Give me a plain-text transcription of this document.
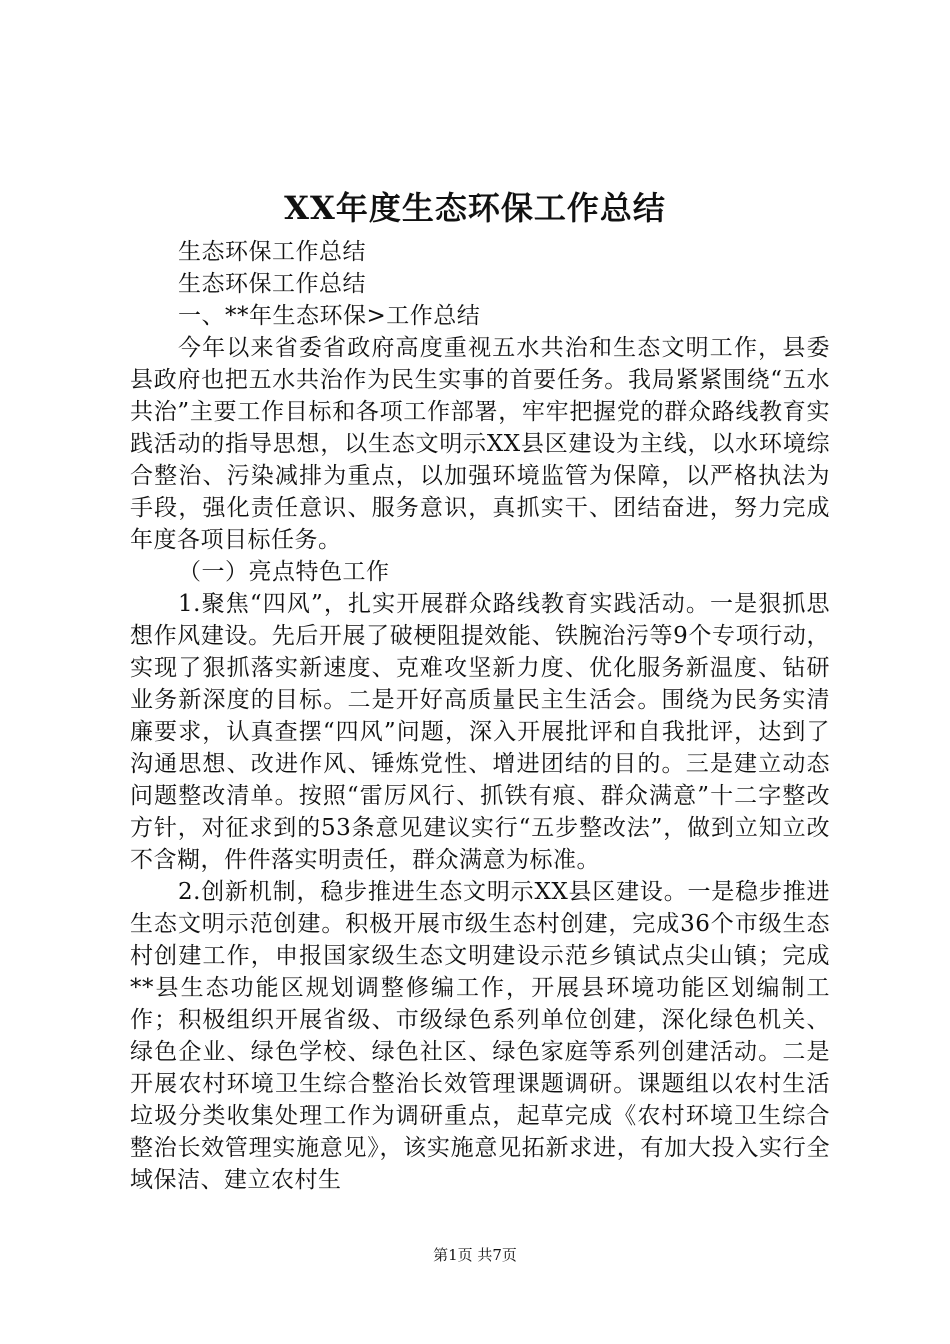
XX年度生态环保工作总结

生态环保工作总结

生态环保工作总结

一、**年生态环保>工作总结

今年以来省委省政府高度重视五水共治和生态文明工作，县委县政府也把五水共治作为民生实事的首要任务。我局紧紧围绕“五水共治”主要工作目标和各项工作部署，牢牢把握党的群众路线教育实践活动的指导思想，以生态文明示XX县区建设为主线，以水环境综合整治、污染减排为重点，以加强环境监管为保障，以严格执法为手段，强化责任意识、服务意识，真抓实干、团结奋进，努力完成年度各项目标任务。

（一）亮点特色工作

1.聚焦“四风”，扎实开展群众路线教育实践活动。一是狠抓思想作风建设。先后开展了破梗阻提效能、铁腕治污等9个专项行动，实现了狠抓落实新速度、克难攻坚新力度、优化服务新温度、钻研业务新深度的目标。二是开好高质量民主生活会。围绕为民务实清廉要求，认真查摆“四风”问题，深入开展批评和自我批评，达到了沟通思想、改进作风、锤炼党性、增进团结的目的。三是建立动态问题整改清单。按照“雷厉风行、抓铁有痕、群众满意”十二字整改方针，对征求到的53条意见建议实行“五步整改法”，做到立知立改不含糊，件件落实明责任，群众满意为标准。

2.创新机制，稳步推进生态文明示XX县区建设。一是稳步推进生态文明示范创建。积极开展市级生态村创建，完成36个市级生态村创建工作，申报国家级生态文明建设示范乡镇试点尖山镇；完成**县生态功能区规划调整修编工作，开展县环境功能区划编制工作；积极组织开展省级、市级绿色系列单位创建，深化绿色机关、绿色企业、绿色学校、绿色社区、绿色家庭等系列创建活动。二是开展农村环境卫生综合整治长效管理课题调研。课题组以农村生活垃圾分类收集处理工作为调研重点，起草完成《农村环境卫生综合整治长效管理实施意见》，该实施意见拓新求进，有加大投入实行全域保洁、建立农村生

第1页 共7页
